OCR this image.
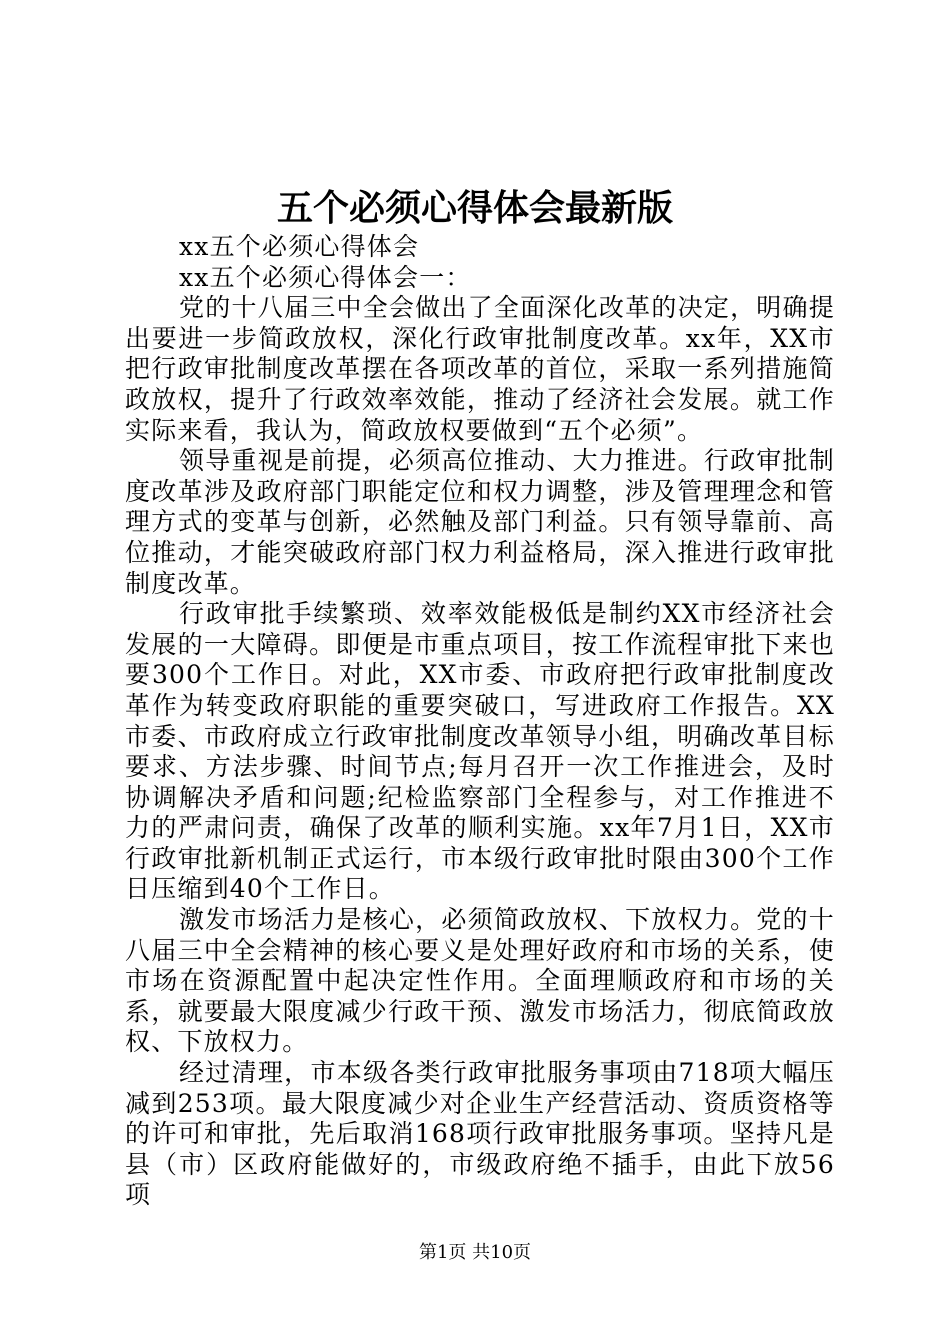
五个必须心得体会最新版

xx五个必须心得体会

xx五个必须心得体会一：

党的十八届三中全会做出了全面深化改革的决定，明确提出要进一步简政放权，深化行政审批制度改革。xx年，XX市把行政审批制度改革摆在各项改革的首位，采取一系列措施简政放权，提升了行政效率效能，推动了经济社会发展。就工作实际来看，我认为，简政放权要做到“五个必须”。

领导重视是前提，必须高位推动、大力推进。行政审批制度改革涉及政府部门职能定位和权力调整，涉及管理理念和管理方式的变革与创新，必然触及部门利益。只有领导靠前、高位推动，才能突破政府部门权力利益格局，深入推进行政审批制度改革。

行政审批手续繁琐、效率效能极低是制约XX市经济社会发展的一大障碍。即便是市重点项目，按工作流程审批下来也要300个工作日。对此，XX市委、市政府把行政审批制度改革作为转变政府职能的重要突破口，写进政府工作报告。XX市委、市政府成立行政审批制度改革领导小组，明确改革目标要求、方法步骤、时间节点;每月召开一次工作推进会，及时协调解决矛盾和问题;纪检监察部门全程参与，对工作推进不力的严肃问责，确保了改革的顺利实施。xx年7月1日，XX市行政审批新机制正式运行，市本级行政审批时限由300个工作日压缩到40个工作日。

激发市场活力是核心，必须简政放权、下放权力。党的十八届三中全会精神的核心要义是处理好政府和市场的关系，使市场在资源配置中起决定性作用。全面理顺政府和市场的关系，就要最大限度减少行政干预、激发市场活力，彻底简政放权、下放权力。

经过清理，市本级各类行政审批服务事项由718项大幅压减到253项。最大限度减少对企业生产经营活动、资质资格等的许可和审批，先后取消168项行政审批服务事项。坚持凡是县（市）区政府能做好的，市级政府绝不插手，由此下放56项

第1页 共10页
